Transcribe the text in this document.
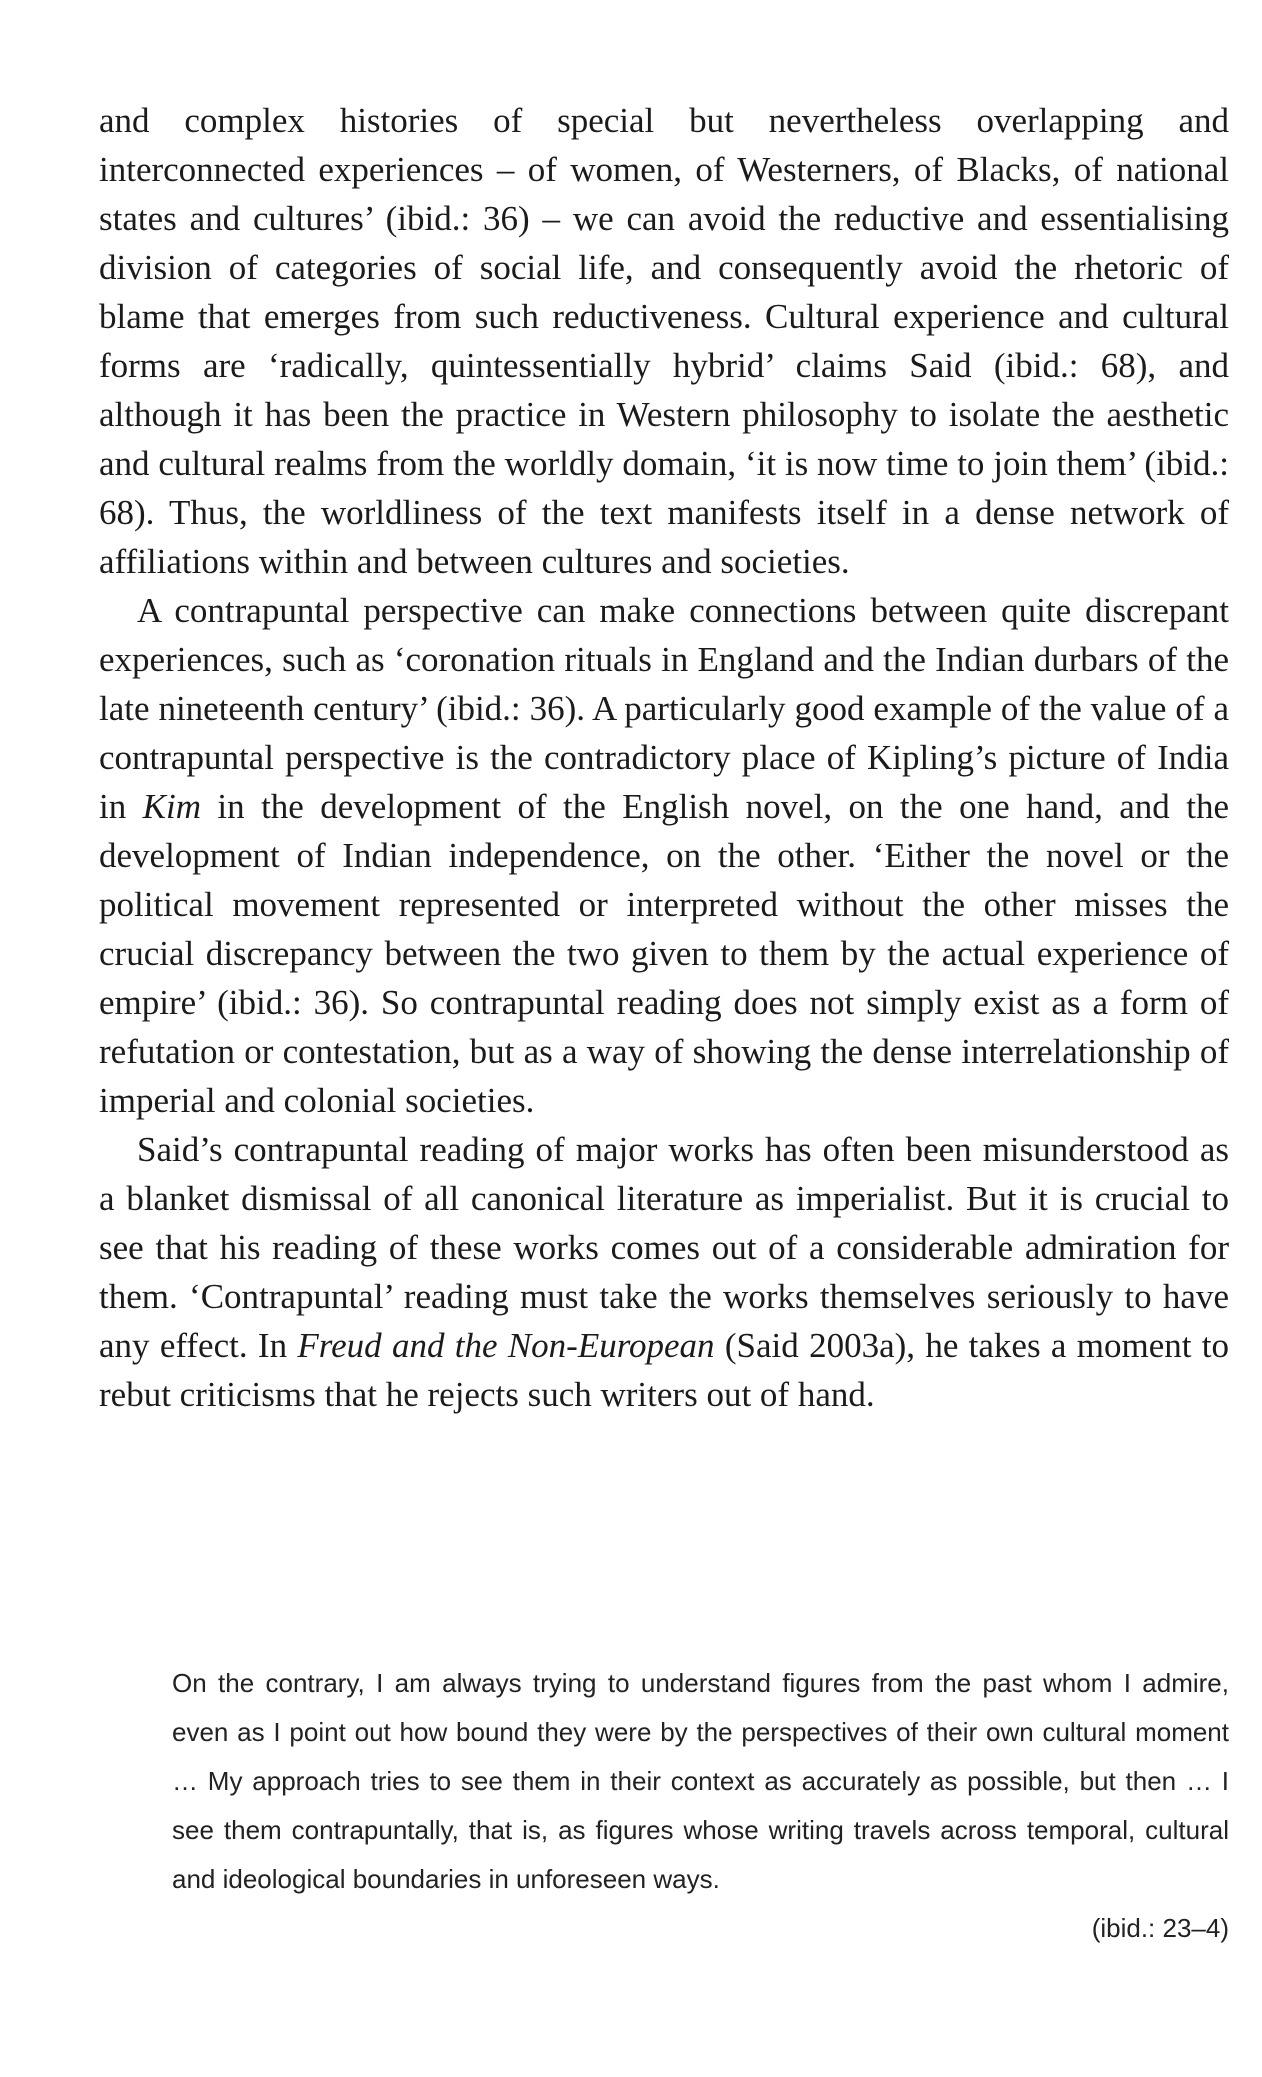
and complex histories of special but nevertheless overlapping and interconnected experiences – of women, of Westerners, of Blacks, of national states and cultures’ (ibid.: 36) – we can avoid the reductive and essentialising division of categories of social life, and consequently avoid the rhetoric of blame that emerges from such reductiveness. Cultural experience and cultural forms are ‘radically, quintessentially hybrid’ claims Said (ibid.: 68), and although it has been the practice in Western philosophy to isolate the aesthetic and cultural realms from the worldly domain, ‘it is now time to join them’ (ibid.: 68). Thus, the worldliness of the text manifests itself in a dense network of affiliations within and between cultures and societies.

A contrapuntal perspective can make connections between quite discrepant experiences, such as ‘coronation rituals in England and the Indian durbars of the late nineteenth century’ (ibid.: 36). A particularly good example of the value of a contrapuntal perspective is the contradictory place of Kipling’s picture of India in Kim in the development of the English novel, on the one hand, and the development of Indian independence, on the other. ‘Either the novel or the political movement represented or interpreted without the other misses the crucial discrepancy between the two given to them by the actual experience of empire’ (ibid.: 36). So contrapuntal reading does not simply exist as a form of refutation or contestation, but as a way of showing the dense interrelationship of imperial and colonial societies.

Said’s contrapuntal reading of major works has often been misunderstood as a blanket dismissal of all canonical literature as imperialist. But it is crucial to see that his reading of these works comes out of a considerable admiration for them. ‘Contrapuntal’ reading must take the works themselves seriously to have any effect. In Freud and the Non-European (Said 2003a), he takes a moment to rebut criticisms that he rejects such writers out of hand.

On the contrary, I am always trying to understand figures from the past whom I admire, even as I point out how bound they were by the perspectives of their own cultural moment … My approach tries to see them in their context as accurately as possible, but then … I see them contrapuntally, that is, as figures whose writing travels across temporal, cultural and ideological boundaries in unforeseen ways.

(ibid.: 23–4)
